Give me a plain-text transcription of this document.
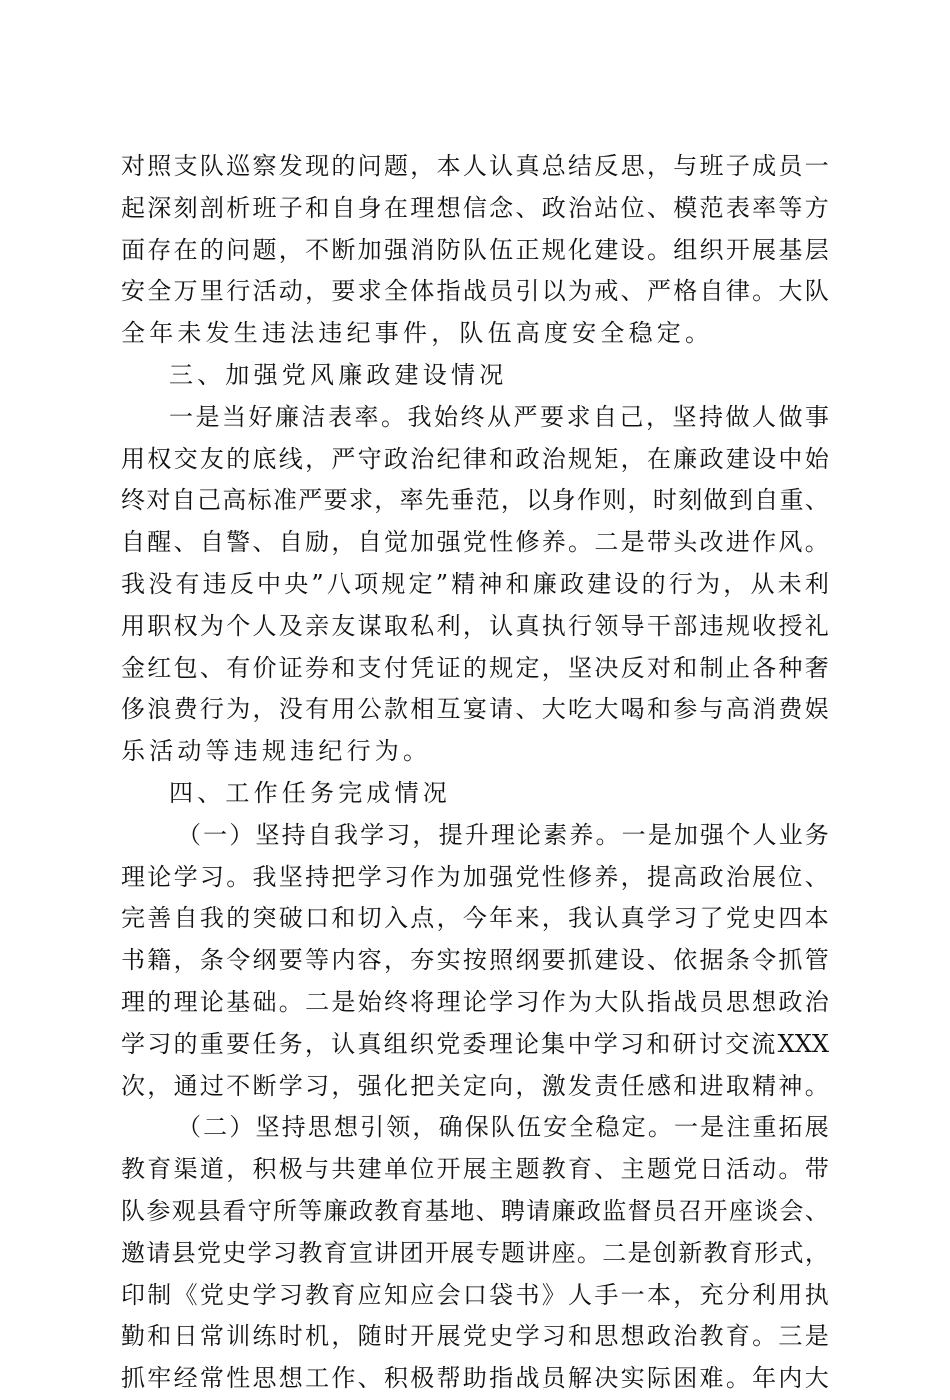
对 照 支 队 巡 察 发 现 的 问 题 ， 本 人 认 真 总 结 反 思 ， 与 班 子 成 员 一
起 深 刻 剖 析 班 子 和 自 身 在 理 想 信 念 、 政 治 站 位 、 模 范 表 率 等 方
面 存 在 的 问 题 ， 不 断 加 强 消 防 队 伍 正 规 化 建 设 。 组 织 开 展 基 层
安 全 万 里 行 活 动 ， 要 求 全 体 指 战 员 引 以 为 戒 、 严 格 自 律 。 大 队
全年未发生违法违纪事件，队伍高度安全稳定。
三、加强党风廉政建设情况
一 是 当 好 廉 洁 表 率 。 我 始 终 从 严 要 求 自 己 ， 坚 持 做 人 做 事
用 权 交 友 的 底 线 ， 严 守 政 治 纪 律 和 政 治 规 矩 ， 在 廉 政 建 设 中 始
终 对 自 己 高 标 准 严 要 求 ， 率 先 垂 范 ， 以 身 作 则 ， 时 刻 做 到 自 重 、
自 醒 、 自 警 、 自 励 ， 自 觉 加 强 党 性 修 养 。 二 是 带 头 改 进 作 风 。
我 没 有 违 反 中 央 ” 八 项 规 定 ” 精 神 和 廉 政 建 设 的 行 为 ， 从 未 利
用 职 权 为 个 人 及 亲 友 谋 取 私 利 ， 认 真 执 行 领 导 干 部 违 规 收 授 礼
金 红 包 、 有 价 证 券 和 支 付 凭 证 的 规 定 ， 坚 决 反 对 和 制 止 各 种 奢
侈 浪 费 行 为 ， 没 有 用 公 款 相 互 宴 请 、 大 吃 大 喝 和 参 与 高 消 费 娱
乐活动等违规违纪行为。
四、工作任务完成情况
（ 一 ） 坚 持 自 我 学 习 ， 提 升 理 论 素 养 。 一 是 加 强 个 人 业 务
理 论 学 习 。 我 坚 持 把 学 习 作 为 加 强 党 性 修 养 ， 提 高 政 治 展 位 、
完 善 自 我 的 突 破 口 和 切 入 点 ， 今 年 来 ， 我 认 真 学 习 了 党 史 四 本
书 籍 ， 条 令 纲 要 等 内 容 ， 夯 实 按 照 纲 要 抓 建 设 、 依 据 条 令 抓 管
理 的 理 论 基 础 。 二 是 始 终 将 理 论 学 习 作 为 大 队 指 战 员 思 想 政 治
学 习 的 重 要 任 务 ， 认 真 组 织 党 委 理 论 集 中 学 习 和 研 讨 交 流 XXX
次 ， 通 过 不 断 学 习 ， 强 化 把 关 定 向 ， 激 发 责 任 感 和 进 取 精 神 。
（ 二 ） 坚 持 思 想 引 领 ， 确 保 队 伍 安 全 稳 定 。 一 是 注 重 拓 展
教 育 渠 道 ， 积 极 与 共 建 单 位 开 展 主 题 教 育 、 主 题 党 日 活 动 。 带
队 参 观 县 看 守 所 等 廉 政 教 育 基 地 、 聘 请 廉 政 监 督 员 召 开 座 谈 会 、
邀 请 县 党 史 学 习 教 育 宣 讲 团 开 展 专 题 讲 座 。 二 是 创 新 教 育 形 式 ，
印 制 《 党 史 学 习 教 育 应 知 应 会 口 袋 书 》 人 手 一 本 ， 充 分 利 用 执
勤 和 日 常 训 练 时 机 ， 随 时 开 展 党 史 学 习 和 思 想 政 治 教 育 。 三 是
抓 牢 经 常 性 思 想 工 作 、 积 极 帮 助 指 战 员 解 决 实 际 困 难 。 年 内 大
